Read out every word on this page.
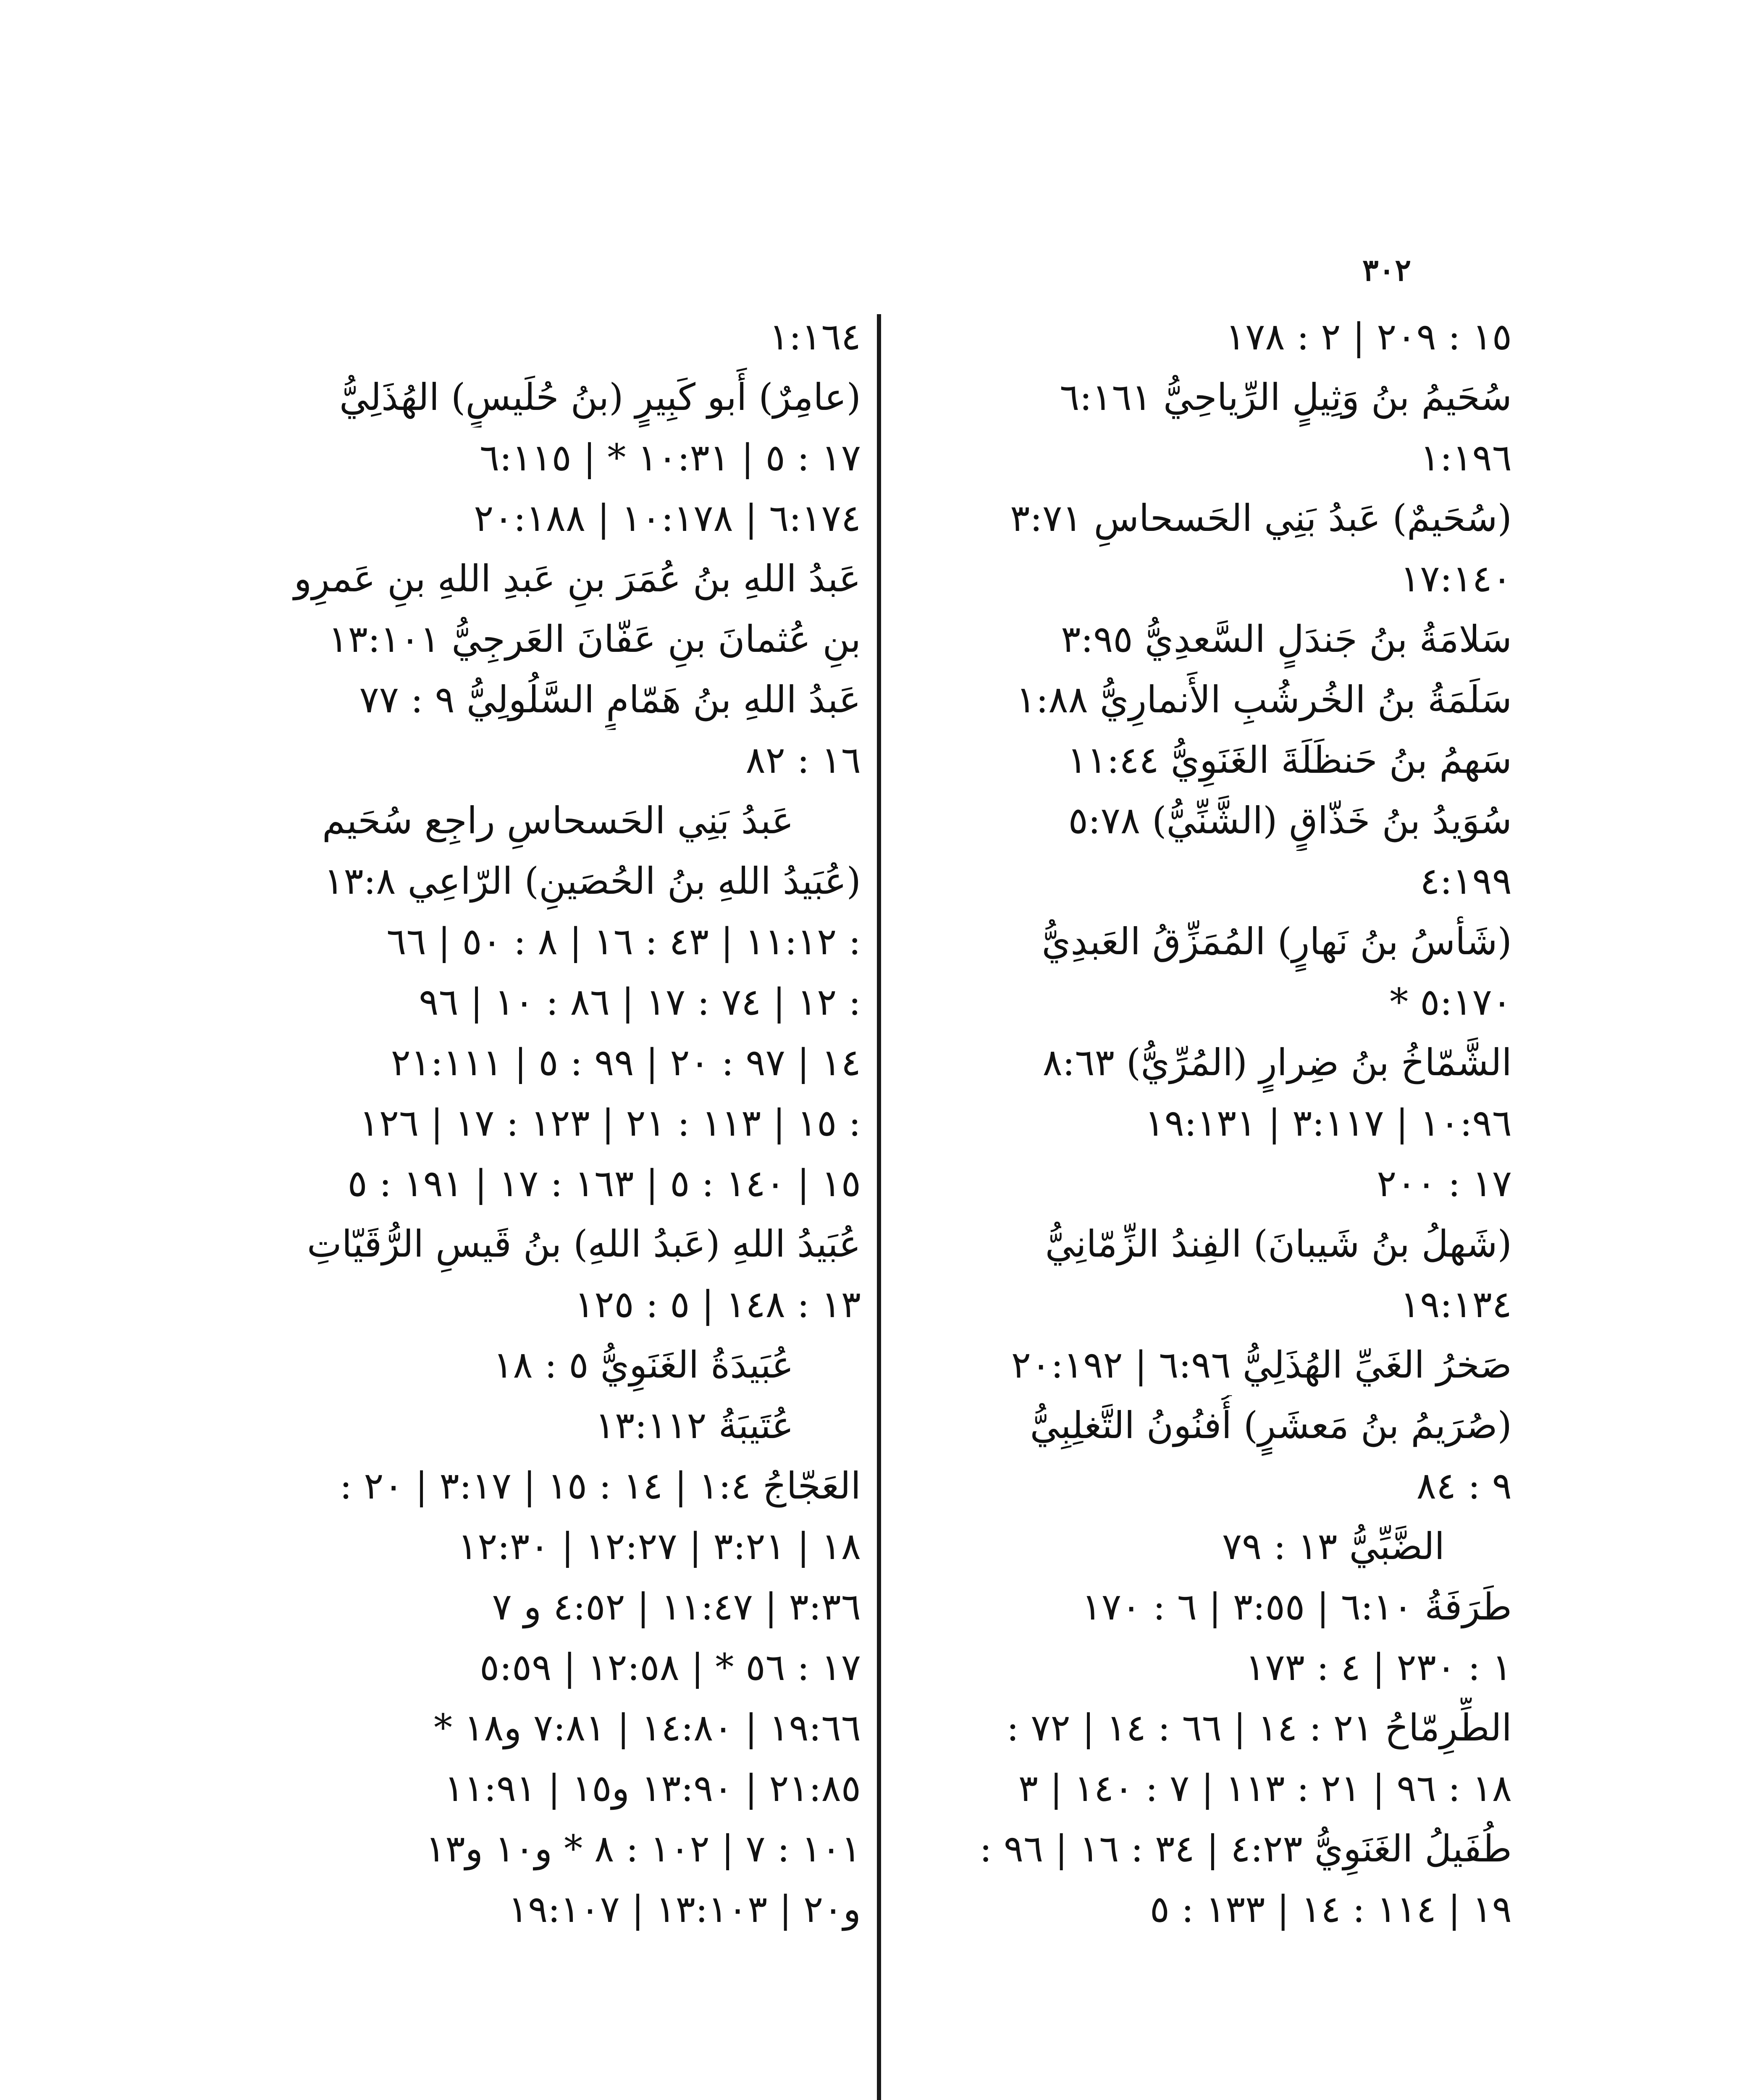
٣٠٢
١٥ : ٢٠٩ | ٢ : ١٧٨
سُحَيمُ بنُ وَثِيلٍ الرِّياحِيُّ ٦:١٦١
١:١٩٦
(سُحَيمٌ) عَبدُ بَنِي الحَسحاسِ ٣:٧١
١٧:١٤٠
سَلامَةُ بنُ جَندَلٍ السَّعدِيُّ ٣:٩٥
سَلَمَةُ بنُ الخُرشُبِ الأَنمارِيُّ ١:٨٨
سَهمُ بنُ حَنظَلَةَ الغَنَوِيُّ ١١:٤٤
سُوَيدُ بنُ خَذّاقٍ (الشَّنِّيُّ) ٥:٧٨
٤:١٩٩
(شَأسُ بنُ نَهارٍ) المُمَزِّقُ العَبدِيُّ
* ٥:١٧٠
الشَّمّاخُ بنُ ضِرارٍ (المُرِّيُّ) ٨:٦٣
١٠:٩٦ | ٣:١١٧ | ١٩:١٣١
١٧ : ٢٠٠
(شَهلُ بنُ شَيبانَ) الفِندُ الزِّمّانِيُّ
١٩:١٣٤
صَخرُ الغَيِّ الهُذَلِيُّ ٦:٩٦ | ٢٠:١٩٢
(صُرَيمُ بنُ مَعشَرٍ) أُفنُونُ التَّغلِبِيُّ
٩ : ٨٤
الضَّبِّيُّ ١٣ : ٧٩
طَرَفَةُ ٦:١٠ | ٣:٥٥ | ٦ : ١٧٠
١ : ٢٣٠ | ٤ : ١٧٣
الطِّرِمّاحُ ٢١ : ١٤ | ٦٦ : ١٤ | ٧٢ :
١٨ : ٩٦ | ٢١ : ١١٣ | ٧ : ١٤٠ | ٣
طُفَيلُ الغَنَوِيُّ ٤:٢٣ | ٣٤ : ١٦ | ٩٦ :
١٩ | ١١٤ : ١٤ | ١٣٣ : ٥
١:١٦٤
(عامِرٌ) أَبو كَبِيرٍ (بنُ حُلَيسٍ) الهُذَلِيُّ
١٧ : ٥ | ١٠:٣١ * | ٦:١١٥
٦:١٧٤ | ١٠:١٧٨ | ٢٠:١٨٨
عَبدُ اللهِ بنُ عُمَرَ بنِ عَبدِ اللهِ بنِ عَمرِو
بنِ عُثمانَ بنِ عَفّانَ العَرجِيُّ ١٣:١٠١
عَبدُ اللهِ بنُ هَمّامٍ السَّلُولِيُّ ٩ : ٧٧
١٦ : ٨٢
عَبدُ بَنِي الحَسحاسِ راجِع سُحَيم
(عُبَيدُ اللهِ بنُ الحُصَينِ) الرّاعِي ١٣:٨
١١:١٢ | ٤٣ : ١٦ | ٨ : ٥٠ | ٦٦ :
١٢ | ٧٤ : ١٧ | ٨٦ : ١٠ | ٩٦ :
١٤ | ٩٧ : ٢٠ | ٩٩ : ٥ | ٢١:١١١
١٥ | ١١٣ : ٢١ | ١٢٣ : ١٧ | ١٢٦ :
١٥ | ١٤٠ : ٥ | ١٦٣ : ١٧ | ١٩١ : ٥
عُبَيدُ اللهِ (عَبدُ اللهِ) بنُ قَيسِ الرُّقَيّاتِ
١٣ : ١٤٨ | ٥ : ١٢٥
عُبَيدَةُ الغَنَوِيُّ ٥ : ١٨
عُتَيبَةُ ١٣:١١٢
العَجّاجُ ١:٤ | ١٤ : ١٥ | ٣:١٧ | ٢٠ :
١٨ | ٣:٢١ | ١٢:٢٧ | ١٢:٣٠
٣:٣٦ | ١١:٤٧ | ٤:٥٢ و ٧
١٧ : ٥٦ * | ١٢:٥٨ | ٥:٥٩
١٩:٦٦ | ١٤:٨٠ | ٧:٨١ و١٨ *
٢١:٨٥ | ١٣:٩٠ و١٥ | ١١:٩١
١٠١ : ٧ | ١٠٢ : ٨ * و١٠ و١٣
و٢٠ | ١٣:١٠٣ | ١٩:١٠٧
